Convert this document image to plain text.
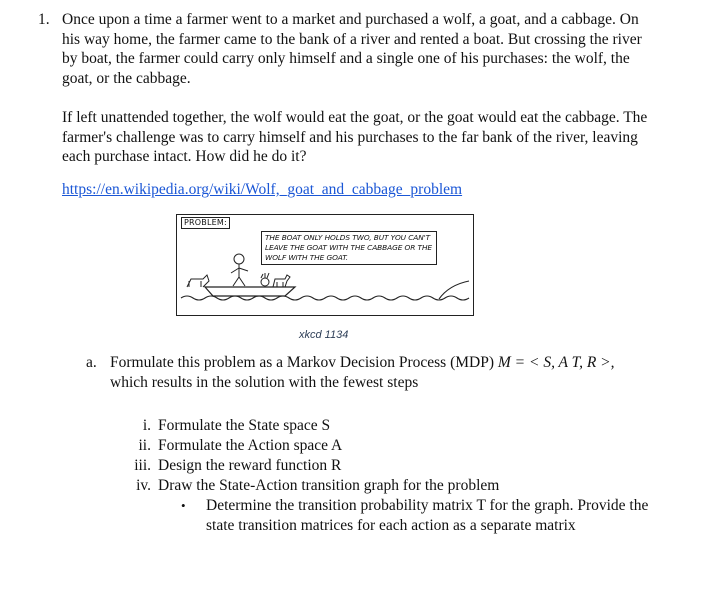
1. Once upon a time a farmer went to a market and purchased a wolf, a goat, and a cabbage. On his way home, the farmer came to the bank of a river and rented a boat. But crossing the river by boat, the farmer could carry only himself and a single one of his purchases: the wolf, the goat, or the cabbage.

If left unattended together, the wolf would eat the goat, or the goat would eat the cabbage. The farmer's challenge was to carry himself and his purchases to the far bank of the river, leaving each purchase intact. How did he do it?

https://en.wikipedia.org/wiki/Wolf,_goat_and_cabbage_problem
PROBLEM:
THE BOAT ONLY HOLDS TWO, BUT YOU CAN'T LEAVE THE GOAT WITH THE CABBAGE OR THE WOLF WITH THE GOAT.
xkcd 1134
a. Formulate this problem as a Markov Decision Process (MDP) M = < S, A T, R >,
which results in the solution with the fewest steps

i. Formulate the State space S
ii. Formulate the Action space A
iii. Design the reward function R
iv. Draw the State-Action transition graph for the problem
• Determine the transition probability matrix T for the graph. Provide the state transition matrices for each action as a separate matrix
